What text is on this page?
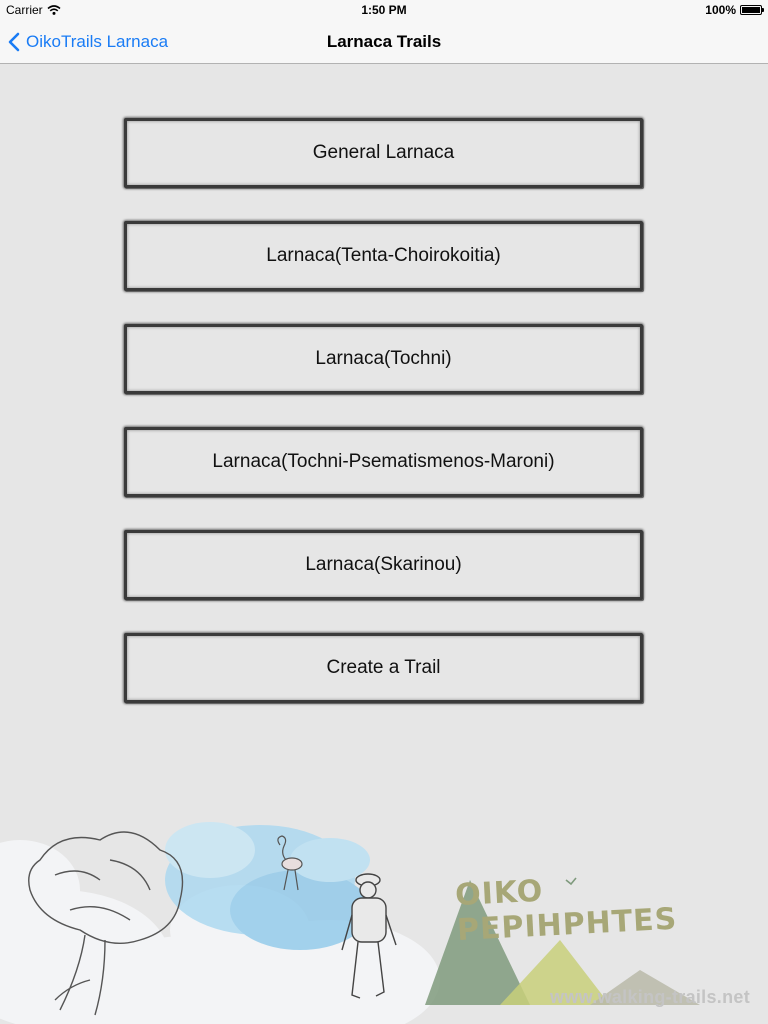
Carrier	1:50 PM	100%
OikoTrails Larnaca	Larnaca Trails
General Larnaca
Larnaca(Tenta-Choirokoitia)
Larnaca(Tochni)
Larnaca(Tochni-Psematismenos-Maroni)
Larnaca(Skarinou)
Create a Trail
OIKO PEPIHPHTES
www.walking-trails.net
